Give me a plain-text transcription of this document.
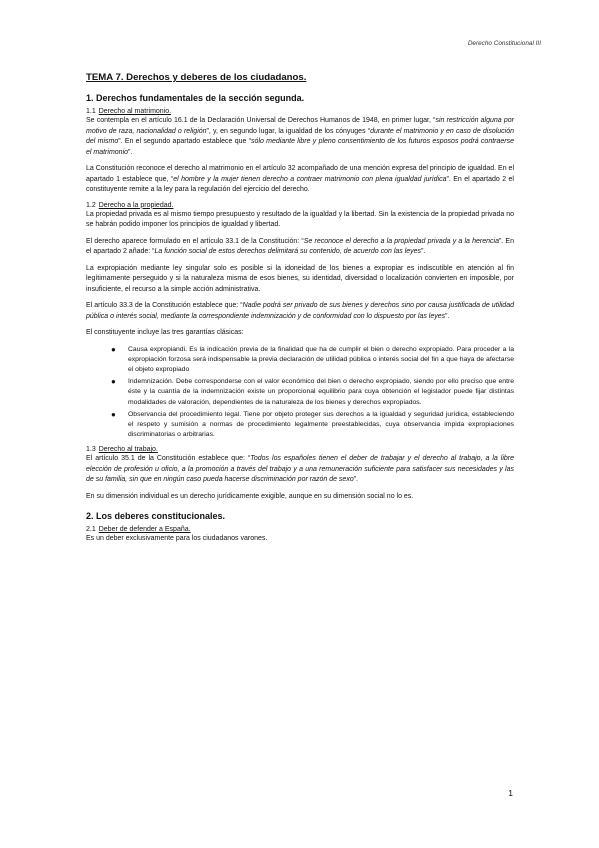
Derecho Constitucional III
TEMA 7. Derechos y deberes de los ciudadanos.
1. Derechos fundamentales de la sección segunda.
1.1 Derecho al matrimonio.

Se contempla en el artículo 16.1 de la Declaración Universal de Derechos Humanos de 1948, en primer lugar, “sin restricción alguna por motivo de raza, nacionalidad o religión”, y, en segundo lugar, la igualdad de los cónyuges “durante el matrimonio y en caso de disolución del mismo”. En el segundo apartado establece que “sólo mediante libre y pleno consentimiento de los futuros esposos podrá contraerse el matrimonio”.

La Constitución reconoce el derecho al matrimonio en el artículo 32 acompañado de una mención expresa del principio de igualdad. En el apartado 1 establece que, “el hombre y la mujer tienen derecho a contraer matrimonio con plena igualdad jurídica”. En el apartado 2 el constituyente remite a la ley para la regulación del ejercicio del derecho.

1.2 Derecho a la propiedad.

La propiedad privada es al mismo tiempo presupuesto y resultado de la igualdad y la libertad. Sin la existencia de la propiedad privada no se habrán podido imponer los principios de igualdad y libertad.

El derecho aparece formulado en el artículo 33.1 de la Constitución: “Se reconoce el derecho a la propiedad privada y a la herencia”. En el apartado 2 añade: “La función social de estos derechos delimitará su contenido, de acuerdo con las leyes”.

La expropiación mediante ley singular solo es posible si la idoneidad de los bienes a expropiar es indiscutible en atención al fin legítimamente perseguido y si la naturaleza misma de esos bienes, su identidad, diversidad o localización convierten en imposible, por insuficiente, el recurso a la simple acción administrativa.

El artículo 33.3 de la Constitución establece que: “Nadie podrá ser privado de sus bienes y derechos sino por causa justificada de utilidad pública o interés social, mediante la correspondiente indemnización y de conformidad con lo dispuesto por las leyes”.

El constituyente incluye las tres garantías clásicas:

● Causa expropiandi. Es la indicación previa de la finalidad que ha de cumplir el bien o derecho expropiado. Para proceder a la expropiación forzosa será indispensable la previa declaración de utilidad pública o interés social del fin a que haya de afectarse el objeto expropiado
● Indemnización. Debe corresponderse con el valor económico del bien o derecho expropiado, siendo por ello preciso que entre éste y la cuantía de la indemnización existe un proporcional equilibrio para cuya obtención el legislador puede fijar distintas modalidades de valoración, dependientes de la naturaleza de los bienes y derechos expropiados.
● Observancia del procedimiento legal. Tiene por objeto proteger sus derechos a la igualdad y seguridad jurídica, estableciendo el respeto y sumisión a normas de procedimiento legalmente preestablecidas, cuya observancia impida expropiaciones discriminatorias o arbitrarias.
1.3 Derecho al trabajo.

El artículo 35.1 de la Constitución establece que: “Todos los españoles tienen el deber de trabajar y el derecho al trabajo, a la libre elección de profesión u oficio, a la promoción a través del trabajo y a una remuneración suficiente para satisfacer sus necesidades y las de su familia, sin que en ningún caso pueda hacerse discriminación por razón de sexo”.

En su dimensión individual es un derecho jurídicamente exigible, aunque en su dimensión social no lo es.

2. Los deberes constitucionales.
2.1 Deber de defender a España.

Es un deber exclusivamente para los ciudadanos varones.

1
